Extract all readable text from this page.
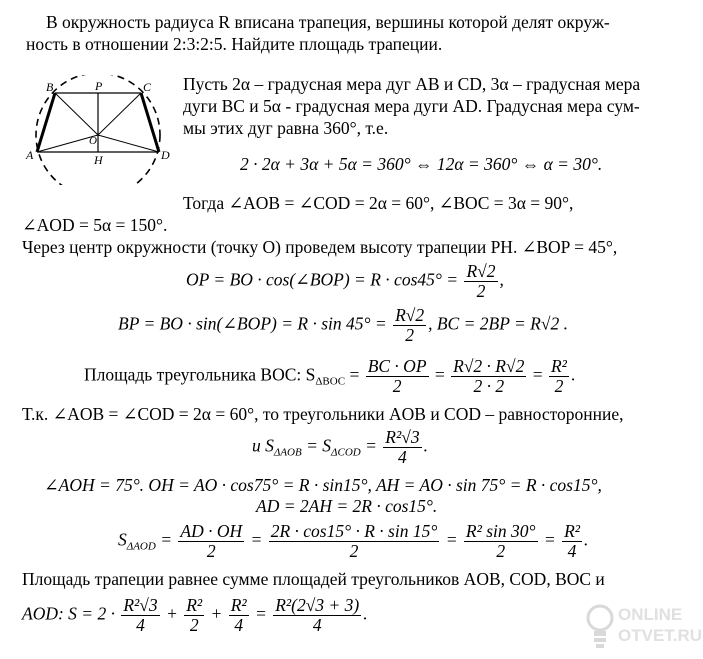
В окружность радиуса R вписана трапеция, вершины которой делят окруж-
ность в отношении 2:3:2:5. Найдите площадь трапеции.
B	P	C
O
A	H	D
Пусть 2α – градусная мера дуг AB и CD, 3α – градусная мера
дуги BC и 5α - градусная мера дуги AD. Градусная мера сум-
мы этих дуг равна 360°, т.е.
2 · 2α + 3α + 5α = 360° ⇔ 12α = 360° ⇔ α = 30°.
Тогда ∠AOB = ∠COD = 2α = 60°, ∠BOC = 3α = 90°,
∠AOD = 5α = 150°.
Через центр окружности (точку O) проведем высоту трапеции PH. ∠BOP = 45°,
OP = BO · cos(∠BOP) = $R \cdot \cos 45^\circ = \frac{R√2}{2}$ ,
BP = BO · sin(∠BOP) = $R \cdot \sin 45^\circ = \frac{R√2}{2}$ , BC = 2BP = R√2 .
Площадь треугольника BOC: $S_{\Delta BOC} = \frac{BC \cdot OP}{2} = \frac{R√2 \cdot R√2}{2 \cdot 2} = \frac{\text{R²}}{2}$ .
Т.к. ∠AOB = ∠COD = 2α = 60°, то треугольники AOB и COD – равносторонние,
и $S_{\Delta AOB} = S_{\Delta COD} = \frac{\text{R²√3}}{4}$ .
∠AOH = 75°. OH = AO · cos75° = R · sin15°, AH = AO · sin 75° = R · cos15°,
AD = 2AH = 2R · cos15°.
$S_{\Delta AOD} = \frac{AD \cdot OH}{2} = \frac{2R \cdot \cos 15^\circ \cdot R \cdot \sin 15^\circ}{2} = \frac{\text{R² sin 30°}}{2} = \frac{\text{R²}}{4}$ .
Площадь трапеции равнее сумме площадей треугольников AOB, COD, BOC и
AOD: $S = 2 \cdot \frac{\text{R²√3}}{4} + \frac{\text{R²}}{2} + \frac{\text{R²}}{4} = \frac{\text{R²(2√3 + 3)}}{4}$ .	ONLINE
OTVET.RU
